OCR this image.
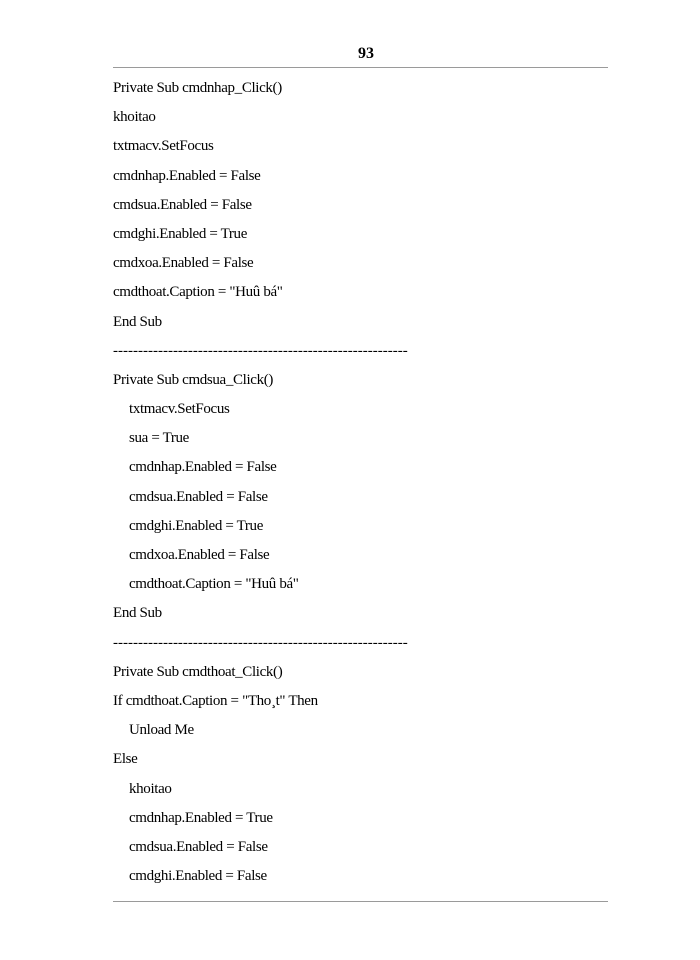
93
Private Sub cmdnhap_Click()
khoitao
txtmacv.SetFocus
cmdnhap.Enabled = False
cmdsua.Enabled = False
cmdghi.Enabled = True
cmdxoa.Enabled = False
cmdthoat.Caption = "Huû bá"
End Sub
-----------------------------------------------------------
Private Sub cmdsua_Click()
txtmacv.SetFocus
sua = True
cmdnhap.Enabled = False
cmdsua.Enabled = False
cmdghi.Enabled = True
cmdxoa.Enabled = False
cmdthoat.Caption = "Huû bá"
End Sub
-----------------------------------------------------------
Private Sub cmdthoat_Click()
If cmdthoat.Caption = "Tho¸t" Then
Unload Me
Else
khoitao
cmdnhap.Enabled = True
cmdsua.Enabled = False
cmdghi.Enabled = False
